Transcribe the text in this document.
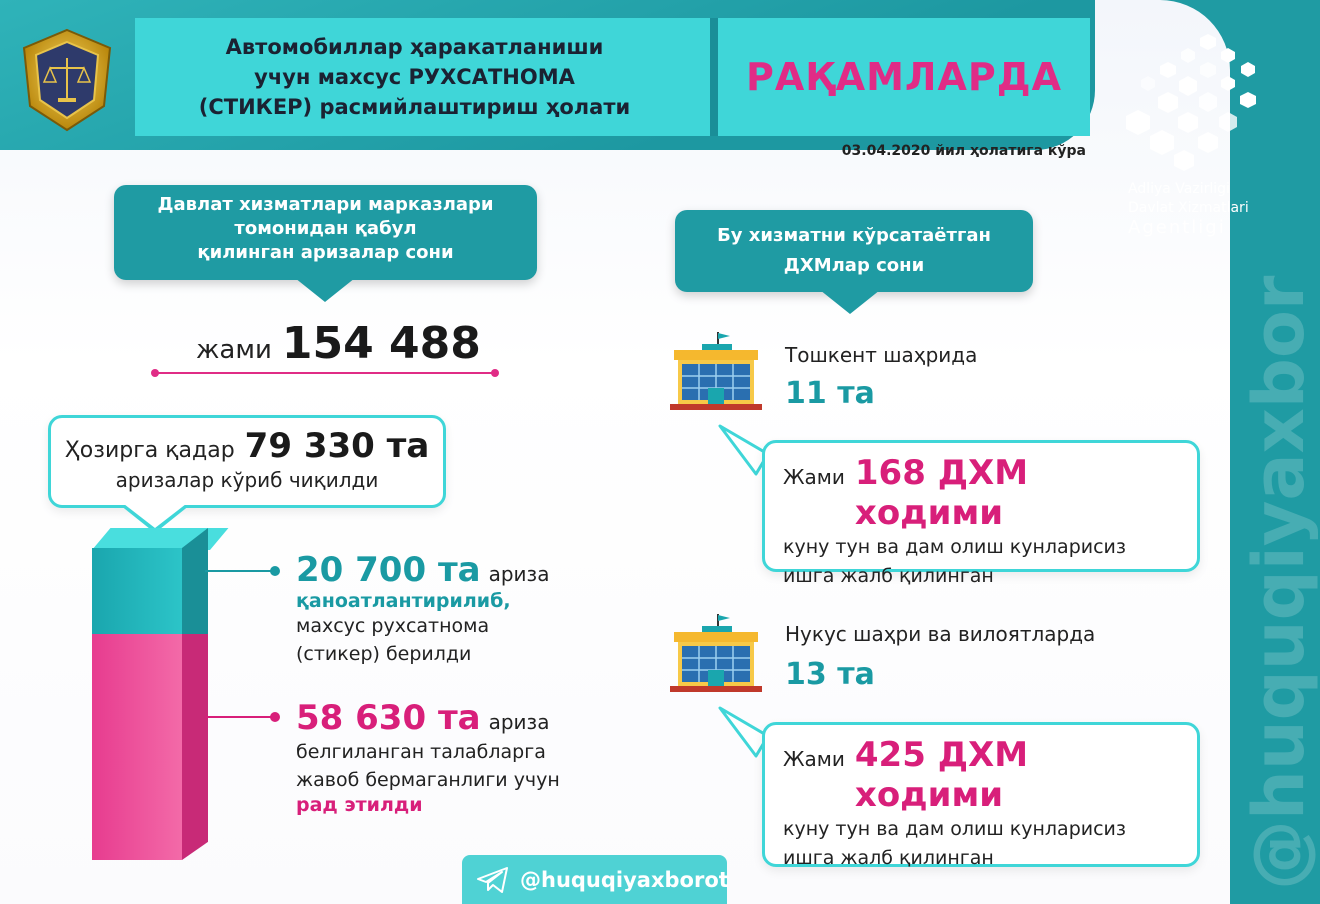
Автомобиллар ҳаракатланиши
учун махсус РУХСАТНОМА
(СТИКЕР) расмийлаштириш ҳолати
РАҚАМЛАРДА
03.04.2020 йил ҳолатига кўра
Adliya Vazirligi
Davlat Xizmatlari
Agentligi
@huquqiyaxbor
Давлат хизматлари марказлари
томонидан қабул
қилинган аризалар сони
жами 154 488
Ҳозирга қадар 79 330 та
аризалар кўриб чиқилди
20 700 та ариза
қаноатлантирилиб,
махсус рухсатнома
(стикер) берилди
58 630 та ариза
белгиланган талабларга
жавоб бермаганлиги учун
рад этилди
@huquqiyaxborot
Бу хизматни кўрсатаётган
ДХМлар сони
Тошкент шаҳрида
11 та
Жами 168 ДХМ ходими
куну тун ва дам олиш кунларисиз
ишга жалб қилинган
Нукус шаҳри ва вилоятларда
13 та
Жами 425 ДХМ ходими
куну тун ва дам олиш кунларисиз
ишга жалб қилинган
